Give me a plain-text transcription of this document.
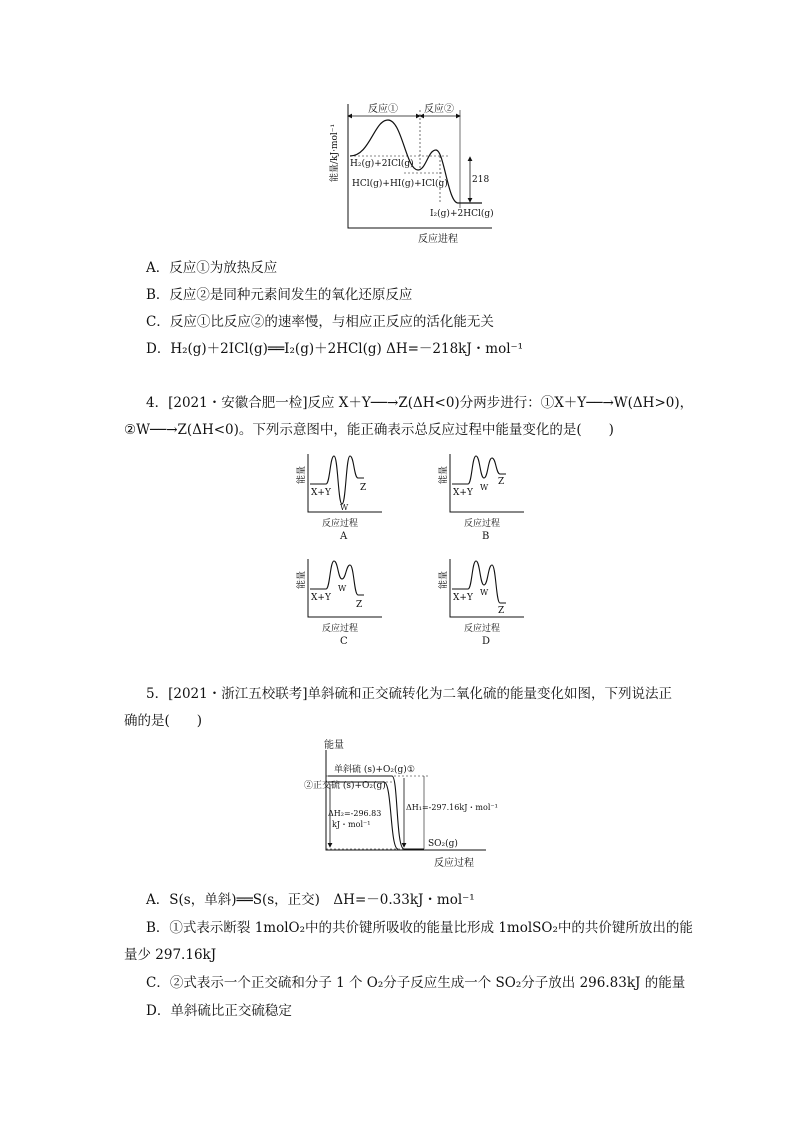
反应①	反应②
H₂(g)+2ICl(g)
HCl(g)+HI(g)+ICl(g)	218
I₂(g)+2HCl(g)
反应进程
能量/kJ·mol⁻¹
A．反应①为放热反应
B．反应②是同种元素间发生的氧化还原反应
C．反应①比反应②的速率慢，与相应正反应的活化能无关
D．H₂(g)＋2ICl(g)══I₂(g)＋2HCl(g) ΔH=－218kJ・mol⁻¹
4．[2021・安徽合肥一检]反应 X＋Y──→Z(ΔH<0)分两步进行：①X＋Y──→W(ΔH>0)，
②W──→Z(ΔH<0)。下列示意图中，能正确表示总反应过程中能量变化的是(　　)
能量
X+Y
W
Z
反应过程
A
能量
X+Y
W
Z
反应过程
B
能量
X+Y
W
Z
反应过程
C
能量
X+Y
W
Z
反应过程
D
5．[2021・浙江五校联考]单斜硫和正交硫转化为二氧化硫的能量变化如图，下列说法正
确的是(　　)
能量
单斜硫 (s)+O₂(g)①
②正交硫 (s)+O₂(g)
ΔH₁=-297.16kJ・mol⁻¹
ΔH₂=-296.83
kJ・mol⁻¹
SO₂(g)
反应过程
A．S(s，单斜)══S(s，正交)　ΔH=－0.33kJ・mol⁻¹
B．①式表示断裂 1molO₂中的共价键所吸收的能量比形成 1molSO₂中的共价键所放出的能
量少 297.16kJ
C．②式表示一个正交硫和分子 1 个 O₂分子反应生成一个 SO₂分子放出 296.83kJ 的能量
D．单斜硫比正交硫稳定
